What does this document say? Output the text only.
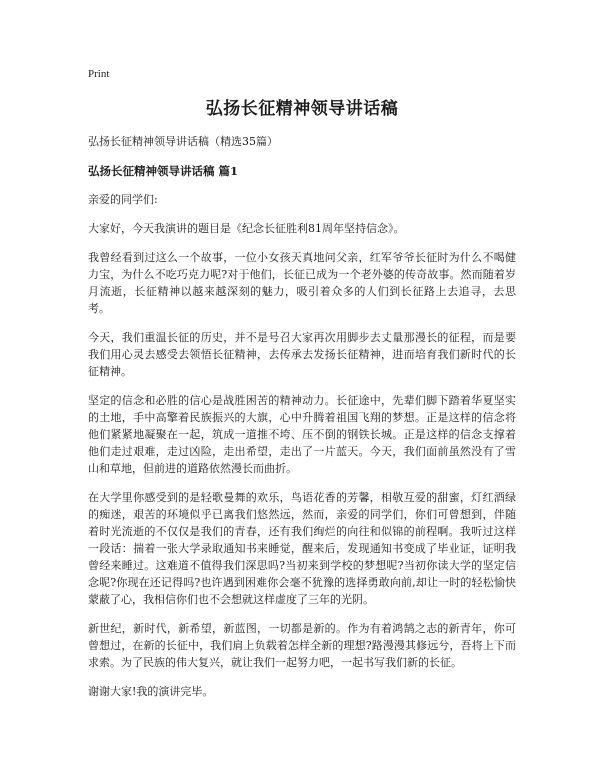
Print
弘扬长征精神领导讲话稿

弘扬长征精神领导讲话稿（精选35篇）

弘扬长征精神领导讲话稿 篇1

亲爱的同学们:

大家好，今天我演讲的题目是《纪念长征胜利81周年坚持信念》。

我曾经看到过这么一个故事，一位小女孩天真地问父亲，红军爷爷长征时为什么不喝健力宝，为什么不吃巧克力呢?对于他们，长征已成为一个老外婆的传奇故事。然而随着岁月流逝，长征精神以越来越深刻的魅力，吸引着众多的人们到长征路上去追寻，去思考。

今天，我们重温长征的历史，并不是号召大家再次用脚步去丈量那漫长的征程，而是要我们用心灵去感受去领悟长征精神，去传承去发扬长征精神，进而培育我们新时代的长征精神。

坚定的信念和必胜的信心是战胜困苦的精神动力。长征途中，先辈们脚下踏着华夏坚实的土地，手中高擎着民族振兴的大旗，心中升腾着祖国飞翔的梦想。正是这样的信念将他们紧紧地凝聚在一起，筑成一道推不垮、压不倒的钢铁长城。正是这样的信念支撑着他们走过艰难，走过凶险，走出希望，走出了一片蓝天。今天，我们面前虽然没有了雪山和草地，但前进的道路依然漫长而曲折。

在大学里你感受到的是轻歌曼舞的欢乐，鸟语花香的芳馨，相敬互爱的甜蜜，灯红酒绿的痴迷，艰苦的环境似乎已离我们悠然远，然而，亲爱的同学们，你们可曾想到，伴随着时光流逝的不仅仅是我们的青春，还有我们绚烂的向往和似锦的前程啊。我听过这样一段话：揣着一张大学录取通知书来睡觉，醒来后，发现通知书变成了毕业证，证明我曾经来睡过。这难道不值得我们深思吗?当初来到学校的梦想呢?当初你读大学的坚定信念呢?你现在还记得吗?也许遇到困难你会毫不犹豫的选择勇敢向前,却让一时的轻松愉快蒙蔽了心，我相信你们也不会想就这样虚度了三年的光阴。

新世纪，新时代，新希望，新蓝图，一切都是新的。作为有着鸿鹄之志的新青年，你可曾想过，在新的长征中，我们肩上负载着怎样全新的理想?路漫漫其修远兮，吾将上下而求索。为了民族的伟大复兴，就让我们一起努力吧，一起书写我们新的长征。

谢谢大家!我的演讲完毕。
